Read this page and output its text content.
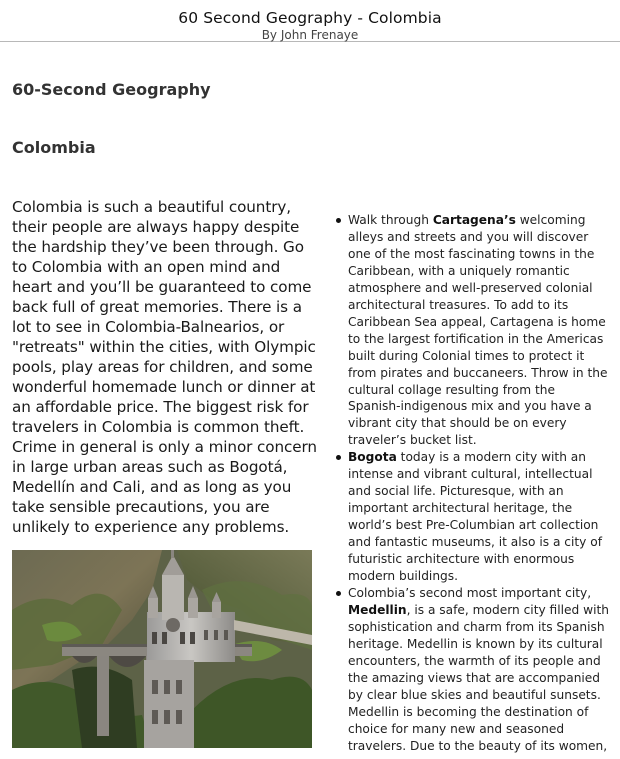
60 Second Geography - Colombia
By John Frenaye
60-Second Geography
Colombia

Colombia is such a beautiful country, their people are always happy despite the hardship they’ve been through. Go to Colombia with an open mind and heart and you’ll be guaranteed to come back full of great memories. There is a lot to see in Colombia-Balnearios, or "retreats" within the cities, with Olympic pools, play areas for children, and some wonderful homemade lunch or dinner at an affordable price. The biggest risk for travelers in Colombia is common theft. Crime in general is only a minor concern in large urban areas such as Bogotá, Medellín and Cali, and as long as you take sensible precautions, you are unlikely to experience any problems.

Walk through Cartagena’s welcoming alleys and streets and you will discover one of the most fascinating towns in the Caribbean, with a uniquely romantic atmosphere and well-preserved colonial architectural treasures. To add to its Caribbean Sea appeal, Cartagena is home to the largest fortification in the Americas built during Colonial times to protect it from pirates and buccaneers. Throw in the cultural collage resulting from the Spanish-indigenous mix and you have a vibrant city that should be on every traveler’s bucket list.
Bogota today is a modern city with an intense and vibrant cultural, intellectual and social life. Picturesque, with an important architectural heritage, the world’s best Pre-Columbian art collection and fantastic museums, it also is a city of futuristic architecture with enormous modern buildings.
Colombia’s second most important city, Medellin, is a safe, modern city filled with sophistication and charm from its Spanish heritage. Medellin is known by its cultural encounters, the warmth of its people and the amazing views that are accompanied by clear blue skies and beautiful sunsets. Medellin is becoming the destination of choice for many new and seasoned travelers. Due to the beauty of its women,
